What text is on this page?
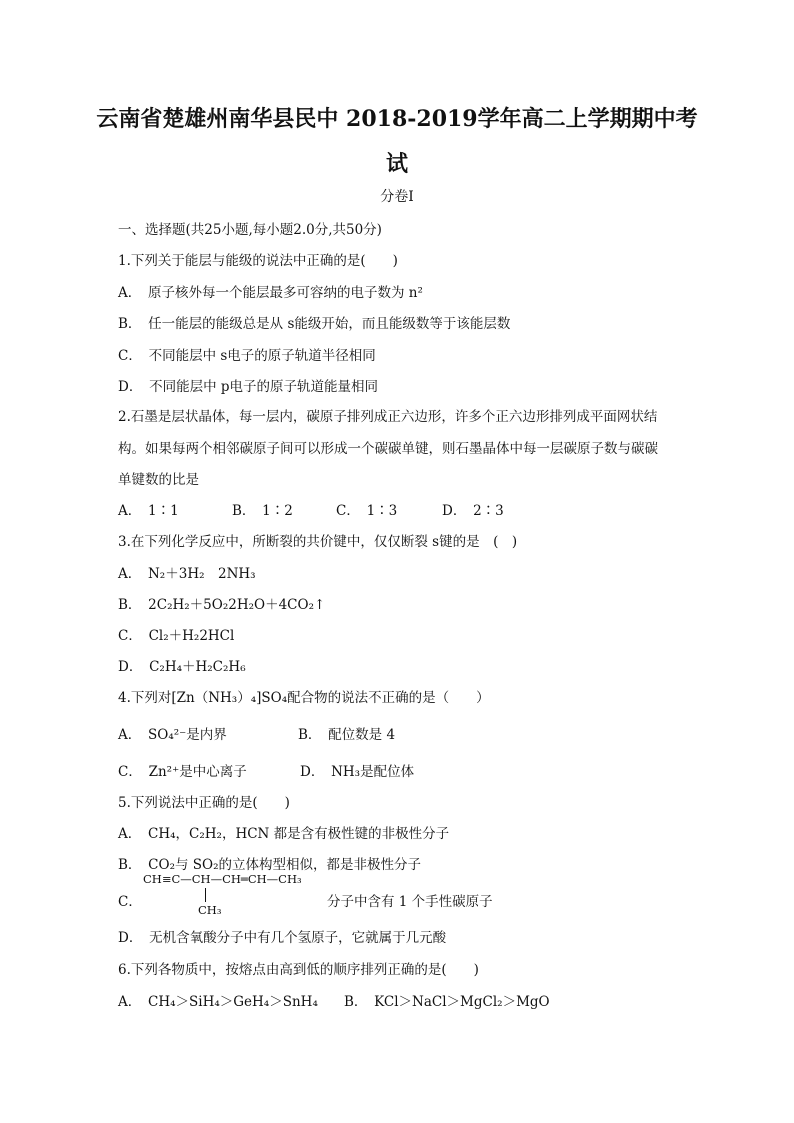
云南省楚雄州南华县民中 2018-2019学年高二上学期期中考
试
分卷I
一、选择题(共25小题,每小题2.0分,共50分)
1.下列关于能层与能级的说法中正确的是(　　)
A．　原子核外每一个能层最多可容纳的电子数为 n²
B．　任一能层的能级总是从 s能级开始，而且能级数等于该能层数
C．　不同能层中 s电子的原子轨道半径相同
D．　不同能层中 p电子的原子轨道能量相同
2.石墨是层状晶体，每一层内，碳原子排列成正六边形，许多个正六边形排列成平面网状结
构。如果每两个相邻碳原子间可以形成一个碳碳单键，则石墨晶体中每一层碳原子数与碳碳
单键数的比是
A．　1∶1	B．　1∶2	C．　1∶3	D．　2∶3
3.在下列化学反应中，所断裂的共价键中，仅仅断裂 s键的是　(　)
A．　N₂＋3H₂　2NH₃
B．　2C₂H₂＋5O₂2H₂O＋4CO₂↑
C．　Cl₂＋H₂2HCl
D．　C₂H₄＋H₂C₂H₆
4.下列对[Zn（NH₃）₄]SO₄配合物的说法不正确的是（　　）
A．　SO₄²⁻是内界	B．　配位数是 4
C．　Zn²⁺是中心离子	D．　NH₃是配位体
5.下列说法中正确的是(　　)
A．　CH₄，C₂H₂，HCN 都是含有极性键的非极性分子
B．　CO₂与 SO₂的立体构型相似，都是非极性分子
C．
CH≡C—CH—CH═CH—CH₃
CH₃	分子中含有 1 个手性碳原子
D．　无机含氧酸分子中有几个氢原子，它就属于几元酸
6.下列各物质中，按熔点由高到低的顺序排列正确的是(　　)
A．　CH₄＞SiH₄＞GeH₄＞SnH₄ B．　KCl＞NaCl＞MgCl₂＞MgO
